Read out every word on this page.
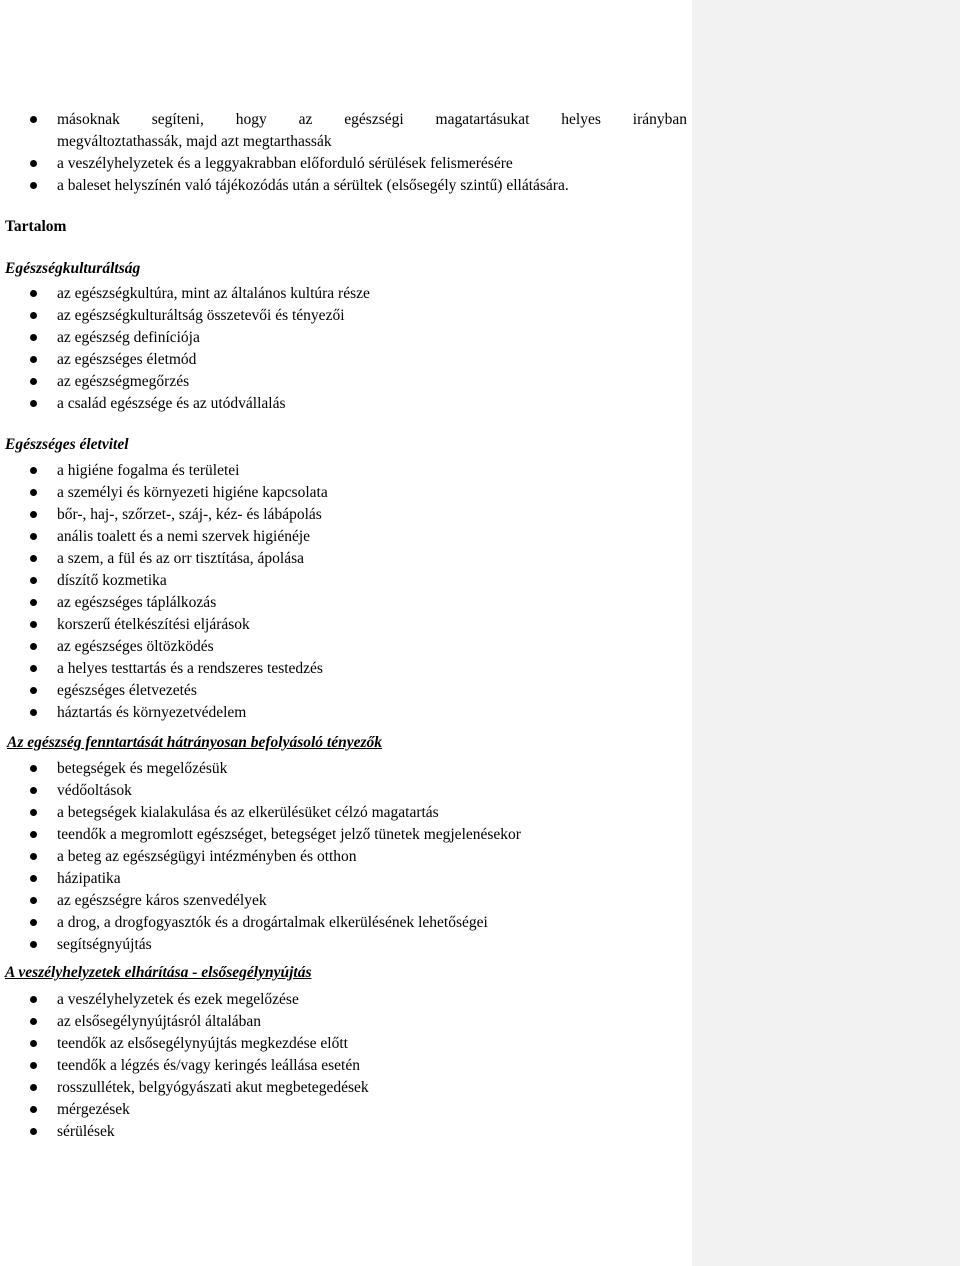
másoknak segíteni, hogy az egészségi magatartásukat helyes irányban
megváltoztathassák, majd azt megtarthassák
a veszélyhelyzetek és a leggyakrabban előforduló sérülések felismerésére
a baleset helyszínén való tájékozódás után a sérültek (elsősegély szintű) ellátására.
Tartalom
Egészségkulturáltság
az egészségkultúra, mint az általános kultúra része
az egészségkulturáltság összetevői és tényezői
az egészség definíciója
az egészséges életmód
az egészségmegőrzés
a család egészsége és az utódvállalás
Egészséges életvitel
a higiéne fogalma és területei
a személyi és környezeti higiéne kapcsolata
bőr-, haj-, szőrzet-, száj-, kéz- és lábápolás
anális toalett és a nemi szervek higiénéje
a szem, a fül és az orr tisztítása, ápolása
díszítő kozmetika
az egészséges táplálkozás
korszerű ételkészítési eljárások
az egészséges öltözködés
a helyes testtartás és a rendszeres testedzés
egészséges életvezetés
háztartás és környezetvédelem
Az egészség fenntartását hátrányosan befolyásoló tényezők
betegségek és megelőzésük
védőoltások
a betegségek kialakulása és az elkerülésüket célzó magatartás
teendők a megromlott egészséget, betegséget jelző tünetek megjelenésekor
a beteg az egészségügyi intézményben és otthon
házipatika
az egészségre káros szenvedélyek
a drog, a drogfogyasztók és a drogártalmak elkerülésének lehetőségei
segítségnyújtás
A veszélyhelyzetek elhárítása - elsősegélynyújtás
a veszélyhelyzetek és ezek megelőzése
az elsősegélynyújtásról általában
teendők az elsősegélynyújtás megkezdése előtt
teendők a légzés és/vagy keringés leállása esetén
rosszullétek, belgyógyászati akut megbetegedések
mérgezések
sérülések
